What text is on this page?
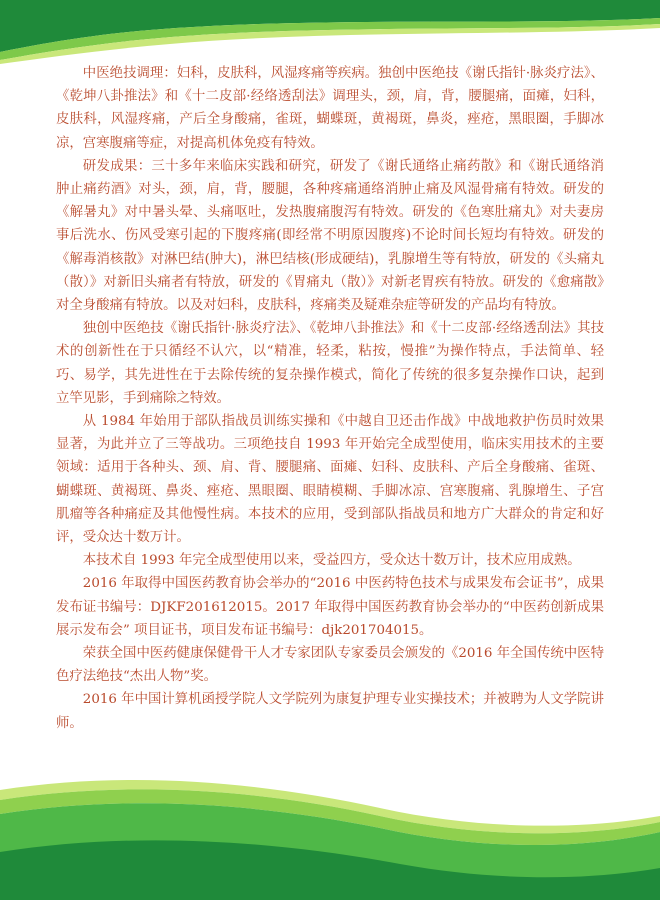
中医绝技调理：妇科，皮肤科，风湿疼痛等疾病。独创中医绝技《谢氏指针·脉炎疗法》、《乾坤八卦推法》和《十二皮部·经络透刮法》调理头，颈，肩，背，腰腿痛，面瘫，妇科，皮肤科，风湿疼痛，产后全身酸痛，雀斑，蝴蝶斑，黄褐斑，鼻炎，痤疮，黑眼圈，手脚冰凉，宫寒腹痛等症，对提高机体免疫有特效。

研发成果：三十多年来临床实践和研究，研发了《谢氏通络止痛药散》和《谢氏通络消肿止痛药酒》对头，颈，肩，背，腰腿，各种疼痛通络消肿止痛及风湿骨痛有特效。研发的《解暑丸》对中暑头晕、头痛呕吐，发热腹痛腹泻有特效。研发的《色寒肚痛丸》对夫妻房事后洗水、伤风受寒引起的下腹疼痛(即经常不明原因腹疼)不论时间长短均有特效。研发的《解毒消核散》对淋巴结(肿大)，淋巴结核(形成硬结)，乳腺增生等有特放，研发的《头痛丸（散）》对新旧头痛者有特放，研发的《胃痛丸（散）》对新老胃疾有特放。研发的《愈痛散》对全身酸痛有特放。以及对妇科，皮肤科，疼痛类及疑难杂症等研发的产品均有特放。

独创中医绝技《谢氏指针·脉炎疗法》、《乾坤八卦推法》和《十二皮部·经络透刮法》其技术的创新性在于只循经不认穴，以“精准，轻柔，粘按，慢推”为操作特点，手法简单、轻巧、易学，其先进性在于去除传统的复杂操作模式，简化了传统的很多复杂操作口诀，起到立竿见影，手到痛除之特效。

从 1984 年始用于部队指战员训练实操和《中越自卫还击作战》中战地救护伤员时效果显著，为此并立了三等战功。三项绝技自 1993 年开始完全成型使用，临床实用技术的主要领域：适用于各种头、颈、肩、背、腰腿痛、面瘫、妇科、皮肤科、产后全身酸痛、雀斑、蝴蝶斑、黄褐斑、鼻炎、痤疮、黑眼圈、眼睛模糊、手脚冰凉、宫寒腹痛、乳腺增生、子宫肌瘤等各种痛症及其他慢性病。本技术的应用，受到部队指战员和地方广大群众的肯定和好评，受众达十数万计。

本技术自 1993 年完全成型使用以来，受益四方，受众达十数万计，技术应用成熟。

2016 年取得中国医药教育协会举办的“2016 中医药特色技术与成果发布会证书”，成果发布证书编号：DJKF201612015。2017 年取得中国医药教育协会举办的“中医药创新成果展示发布会” 项目证书，项目发布证书编号：djk201704015。

荣获全国中医药健康保健骨干人才专家团队专家委员会颁发的《2016 年全国传统中医特色疗法绝技“杰出人物”奖。

2016 年中国计算机函授学院人文学院列为康复护理专业实操技术；并被聘为人文学院讲师。
